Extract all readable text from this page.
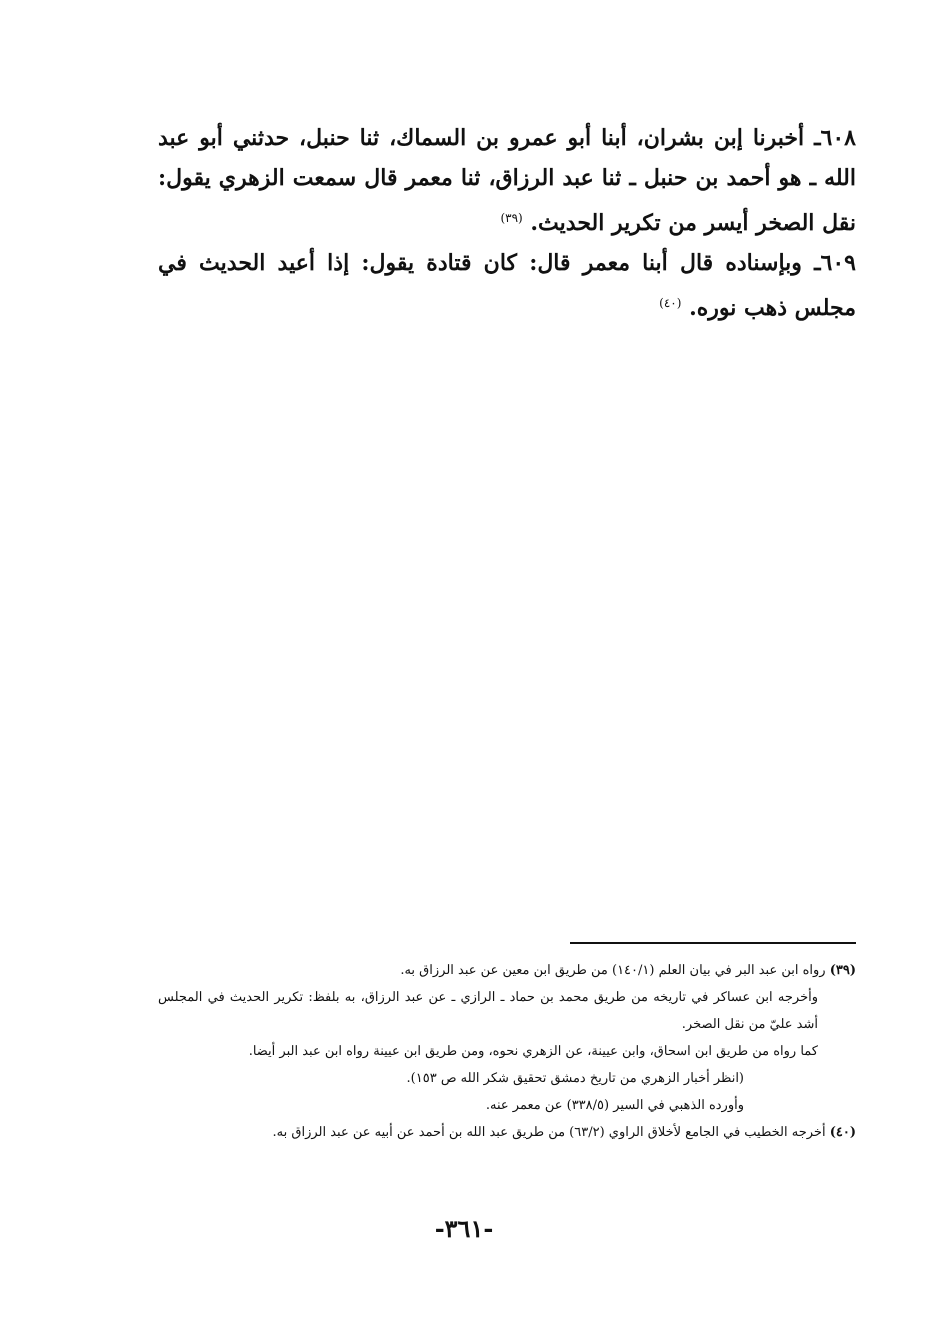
٦٠٨ـ أخبرنا إبن بشران، أبنا أبو عمرو بن السماك، ثنا حنبل، حدثني أبو عبد الله ـ هو أحمد بن حنبل ـ ثنا عبد الرزاق، ثنا معمر قال سمعت الزهري يقول: نقل الصخر أيسر من تكرير الحديث. $^{(٣٩)}$

٦٠٩ـ وبإسناده قال أبنا معمر قال: كان قتادة يقول: إذا أعيد الحديث في مجلس ذهب نوره. $^{(٤٠)}$

(٣٩) رواه ابن عبد البر في بيان العلم (١٤٠/١) من طريق ابن معين عن عبد الرزاق به.

وأخرجه ابن عساكر في تاريخه من طريق محمد بن حماد ـ الرازي ـ عن عبد الرزاق، به بلفظ: تكرير الحديث في المجلس أشد عليّ من نقل الصخر.

كما رواه من طريق ابن اسحاق، وابن عيينة، عن الزهري نحوه، ومن طريق ابن عيينة رواه ابن عبد البر أيضا.

(انظر أخبار الزهري من تاريخ دمشق تحقيق شكر الله ص ١٥٣).

وأورده الذهبي في السير (٣٣٨/٥) عن معمر عنه.

(٤٠) أخرجه الخطيب في الجامع لأخلاق الراوي (٦٣/٢) من طريق عبد الله بن أحمد عن أبيه عن عبد الرزاق به.

-٣٦١-
